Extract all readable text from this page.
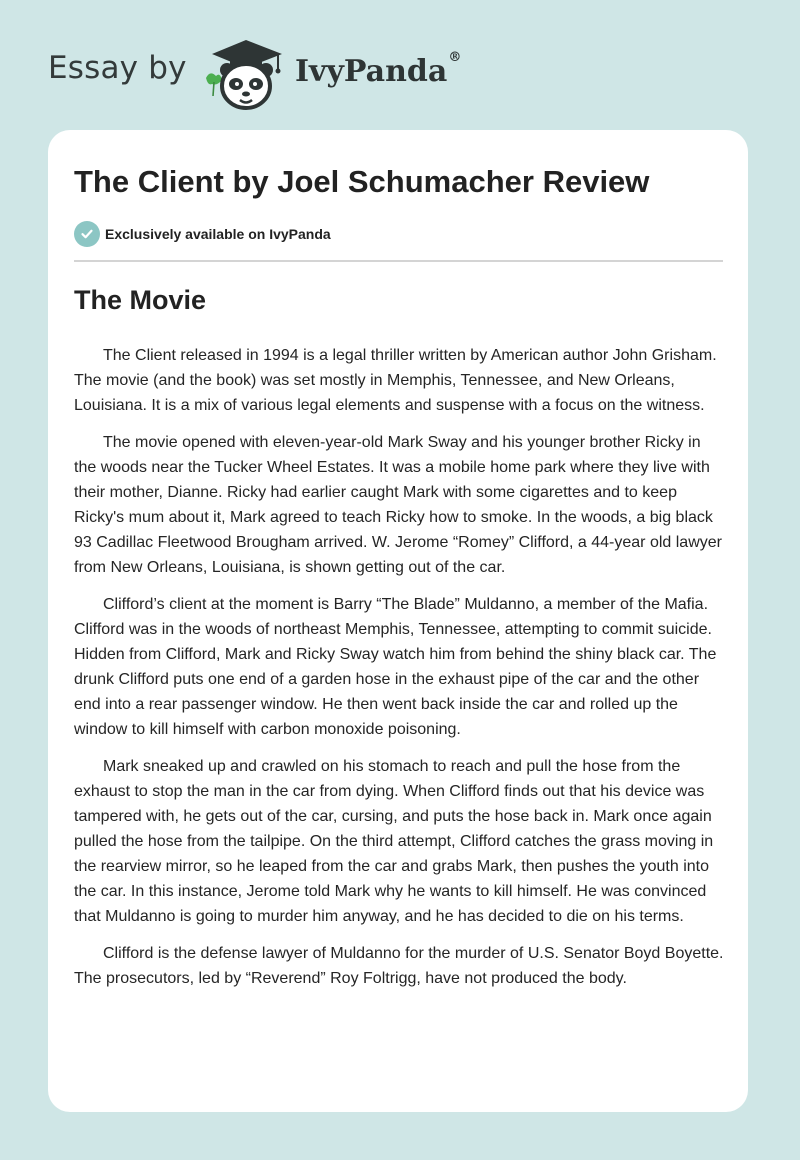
Essay by	IvyPanda®
The Client by Joel Schumacher Review
Exclusively available on IvyPanda
The Movie

The Client released in 1994 is a legal thriller written by American author John Grisham. The movie (and the book) was set mostly in Memphis, Tennessee, and New Orleans, Louisiana. It is a mix of various legal elements and suspense with a focus on the witness.

The movie opened with eleven-year-old Mark Sway and his younger brother Ricky in the woods near the Tucker Wheel Estates. It was a mobile home park where they live with their mother, Dianne. Ricky had earlier caught Mark with some cigarettes and to keep Ricky's mum about it, Mark agreed to teach Ricky how to smoke. In the woods, a big black 93 Cadillac Fleetwood Brougham arrived. W. Jerome “Romey” Clifford, a 44-year old lawyer from New Orleans, Louisiana, is shown getting out of the car.

Clifford’s client at the moment is Barry “The Blade” Muldanno, a member of the Mafia. Clifford was in the woods of northeast Memphis, Tennessee, attempting to commit suicide. Hidden from Clifford, Mark and Ricky Sway watch him from behind the shiny black car. The drunk Clifford puts one end of a garden hose in the exhaust pipe of the car and the other end into a rear passenger window. He then went back inside the car and rolled up the window to kill himself with carbon monoxide poisoning.

Mark sneaked up and crawled on his stomach to reach and pull the hose from the exhaust to stop the man in the car from dying. When Clifford finds out that his device was tampered with, he gets out of the car, cursing, and puts the hose back in. Mark once again pulled the hose from the tailpipe. On the third attempt, Clifford catches the grass moving in the rearview mirror, so he leaped from the car and grabs Mark, then pushes the youth into the car. In this instance, Jerome told Mark why he wants to kill himself. He was convinced that Muldanno is going to murder him anyway, and he has decided to die on his terms.

Clifford is the defense lawyer of Muldanno for the murder of U.S. Senator Boyd Boyette. The prosecutors, led by “Reverend” Roy Foltrigg, have not produced the body.
